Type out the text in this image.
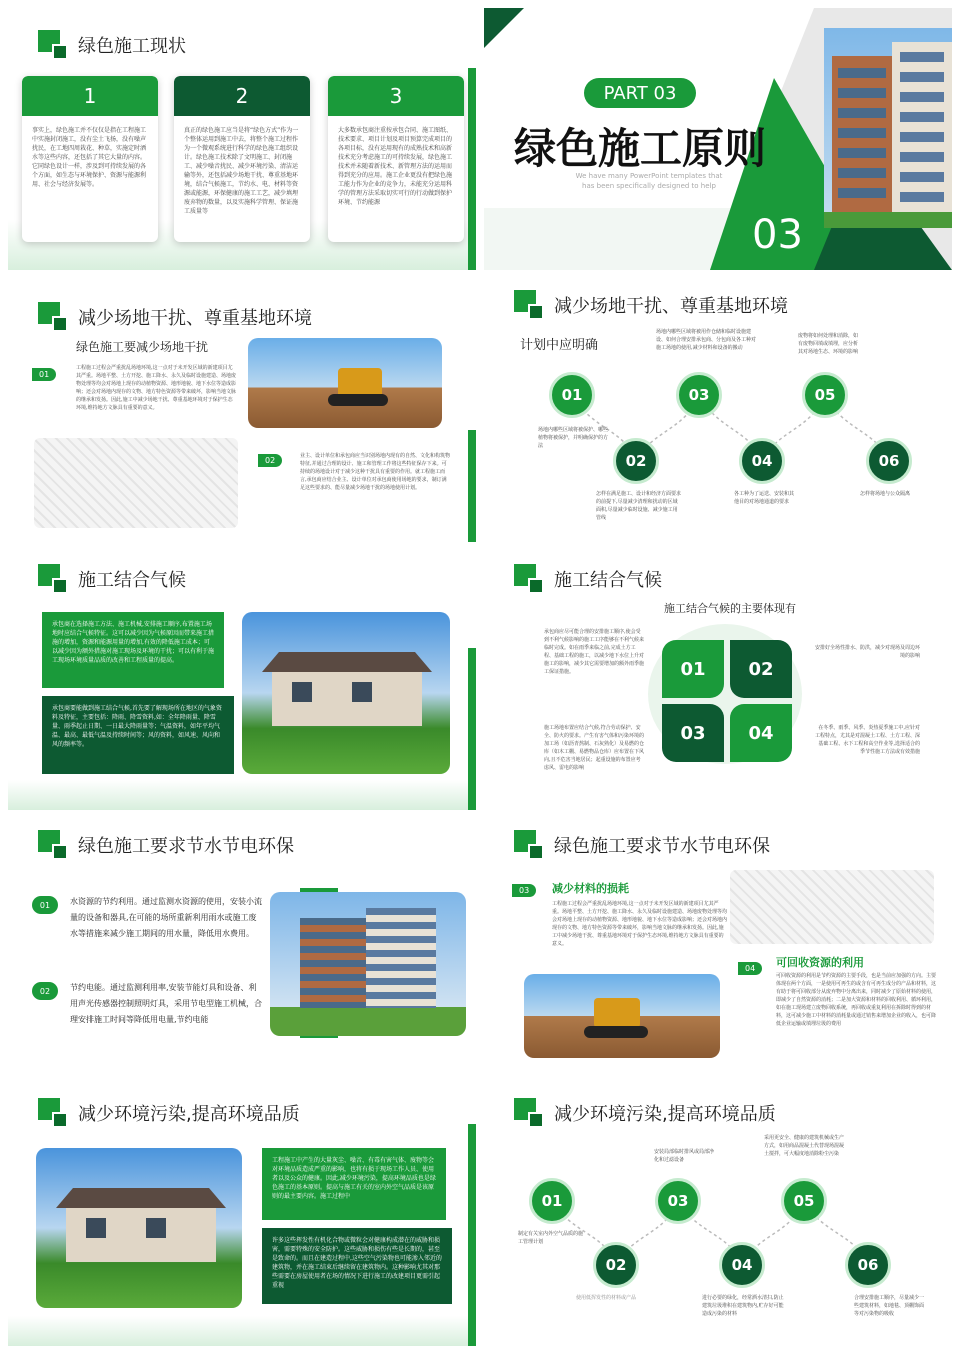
绿色施工现状
1
事实上，绿色施工并不仅仅是指在工程施工中实施封闭施工，没有尘土飞扬，没有噪声扰民，在工地四周栽花、种草，实施定时洒水等这些内容，还包括了其它大量的内容。它同绿色设计一样，涉及到可持续发展的各个方面，如生态与环境保护、资源与能源利用、社会与经济发展等。
2
真正的绿色施工应当是将“绿色方式”作为一个整体运用到施工中去，将整个施工过程作为一个微观系统进行科学的绿色施工组织设计。绿色施工技术除了文明施工、封闭施工、减少噪音扰民、减少环境污染、清洁运输等外，还包括减少场地干扰、尊重基地环境，结合气候施工，节约水、电、材料等资源或能源，环保健康的施工工艺，减少填埋废弃物的数量，以及实施科学管理、保证施工质量等
3
大多数承包商注重按承包合同、施工图纸、技术要求、项目计划及项目预算完成项目的各项目标，没有运用现有的成熟技术和高新技术充分考虑施工的可持续发展，绿色施工技术并未随着新技术、新管理方法的运用而得到充分的应用。施工企业更没有把绿色施工能力作为企业的竞争力，未能充分运用科学的管理方法采取切实可行的行动做到保护环境、节约能源
PART 03
绿色施工原则
We have many PowerPoint templates that
has been specifically designed to help
03
减少场地干扰、尊重基地环境
绿色施工要减少场地干扰
01
工程施工过程会严重扰乱场地环境,这一点对于未开发区域的新建项目尤其严重。场地平整、土方开挖、施工降水、永久及临时设施建造、场地废物处理等均会对场地上现存的动植物资源、地形地貌、地下水位等造成影响；还会对场地内现存的文物、地方特色资源等带来破坏，影响当地文脉的继承和发扬。因此,施工中减少场地干扰、尊重基地环境对于保护生态环境,维持地方文脉具有重要的意义。
02	业主、设计单位和承包商应当识别场地内现有的自然、文化和构筑物特征,并通过合理的设计、施工和管理工作将这些特征保存下来。可持续的场地设计对于减少这种干扰具有重要的作用。就工程施工而言,承包商应结合业主、设计单位对承包商使用场地的要求，制订满足这些要求的、能尽量减少场地干扰的场地使用计划。
减少场地干扰、尊重基地环境
计划中应明确
01
02
03
04
05
06
场地内哪些区域将被保护、哪些植物将被保护，并明确保护的方法
怎样在满足施工、设计和经济方面要求的前提下,尽量减少清理和扰动的区域面积,尽量减少临时设施、减少施工用管线
场地内哪些区域将被用作仓储和临时设施建设、如何合理安排承包商、分包商及各工种对施工场地的使用,减少材料和设备的搬动
各工种为了运送、安装和其他目的对场地通道的要求
废物将如何处理和消除，如有废物回填或填埋，应分析其对场地生态、环境的影响
怎样将场地与公众隔离
施工结合气候
承包商在选择施工方法、施工机械,安排施工顺序,布置施工场地时应结合气候特征。这可以减少因为气候原因而带来施工措施的增加，资源和能源用量的增加,有效的降低施工成本；可以减少因为额外措施对施工现场及环境的干扰；可以有利于施工现场环境质量品质的改善和工程质量的提高。
承包商要能做到施工结合气候,首先要了解现场所在地区的气象资料及特征，主要包括：降雨、降雪资料,如：全年降雨量、降雪量、雨季起止日期、一日最大降雨量等；气温资料，如年平均气温、最高、最低气温及持续时间等；风的资料，如风速、风向和风的频率等。
施工结合气候
施工结合气候的主要体现有
01	02
03	04
承包商应尽可能合理的安排施工顺序,使会受到不利气候影响的施工工序能够在不利气候来临时完成。如在雨季来临之前,完成土方工程、基础工程的施工，以减少地下水位上升对施工的影响，减少其它需要增加的额外雨季施工保证措施。
施工场地布置应结合气候,符合劳动保护、安全、防火的要求。产生有害气体和污染环境的加工场（如沥青熬制、石灰熟化）及易燃的仓库（如木工棚、易燃物品仓库）应布置在下风向,且不危害当地居民；起重设施的布置应考虑风、雷电的影响
安排好全场性排水、防洪，减少对现场及周边环境的影响
在冬季、雨季、风季、炎热夏季施工中,应针对工程特点，尤其是对混凝土工程、土方工程、深基础工程、水下工程和高空作业等,选择适合的季节性施工方法或有效措施
绿色施工要求节水节电环保
01	水资源的节约利用。通过监测水资源的使用，安装小流量的设备和器具,在可能的场所重新利用雨水或施工废水等措施来减少施工期间的用水量，降低用水费用。
02	节约电能。通过监测利用率,安装节能灯具和设备、利用声光传感器控制照明灯具，采用节电型施工机械，合理安排施工时间等降低用电量,节约电能
绿色施工要求节水节电环保
03	减少材料的损耗
工程施工过程会严重扰乱场地环境,这一点对于未开发区域的新建项目尤其严重。场地平整、土方开挖、施工降水、永久及临时设施建造、场地废物处理等均会对场地上现存的动植物资源、地形地貌、地下水位等造成影响；还会对场地内现存的文物、地方特色资源等带来破坏，影响当地文脉的继承和发扬。因此,施工中减少场地干扰、尊重基地环境对于保护生态环境,维持地方文脉具有重要的意义。
04	可回收资源的利用
可回收资源的利用是节约资源的主要手段，也是当前应加强的方向。主要体现在两个方面，一是使用可再生的或含有可再生成分的产品和材料，这有助于将可回收部分从废弃物中分离出来，同时减少了原始材料的使用，即减少了自然资源的消耗；二是加大资源和材料的回收利用、循环利用，如在施工现场建立废物回收系统，再回收或重复利用在拆除时得到的材料，这可减少施工中材料的消耗量或通过销售来增加企业的收入，也可降低企业运输或填埋垃圾的费用
减少环境污染,提高环境品质
工程施工中产生的大量灰尘、噪音、有毒有害气体、废物等会对环境品质造成严重的影响，也将有损于现场工作人员、使用者以及公众的健康。因此,减少环境污染，提高环境品质也是绿色施工的基本原则。提高与施工有关的室内外空气品质是该原则的最主要内容。施工过程中
许多这些挥发性有机化合物或微粒会对健康构成潜在的威胁和损害，需要特殊的安全防护。这些威胁和损伤有些是长期的，甚至是致命的。而且在建造过程中,这些空气污染物也可能渗入邻近的建筑物，并在施工结束后继续留在建筑物内。这种影响尤其对那些需要在房屋使用者在场的情况下进行施工的改建项目更需引起重视
减少环境污染,提高环境品质
01
02
03
04
05
06
制定有关室内外空气品质的施工管理计划
使用低挥发性的材料或产品
安装局部临时排风或局部净化和过滤设备
进行必要的绿化，经常洒水清扫,防止建筑垃圾堆积在建筑物内,贮存好可能造成污染的材料
采用更安全、健康的建筑机械或生产方式，如用商品混凝土代替现场混凝土搅拌，可大幅度地消除粉尘污染
合理安排施工顺序，尽量减少一些建筑材料，如地毯、顶棚饰面等对污染物的吸收
